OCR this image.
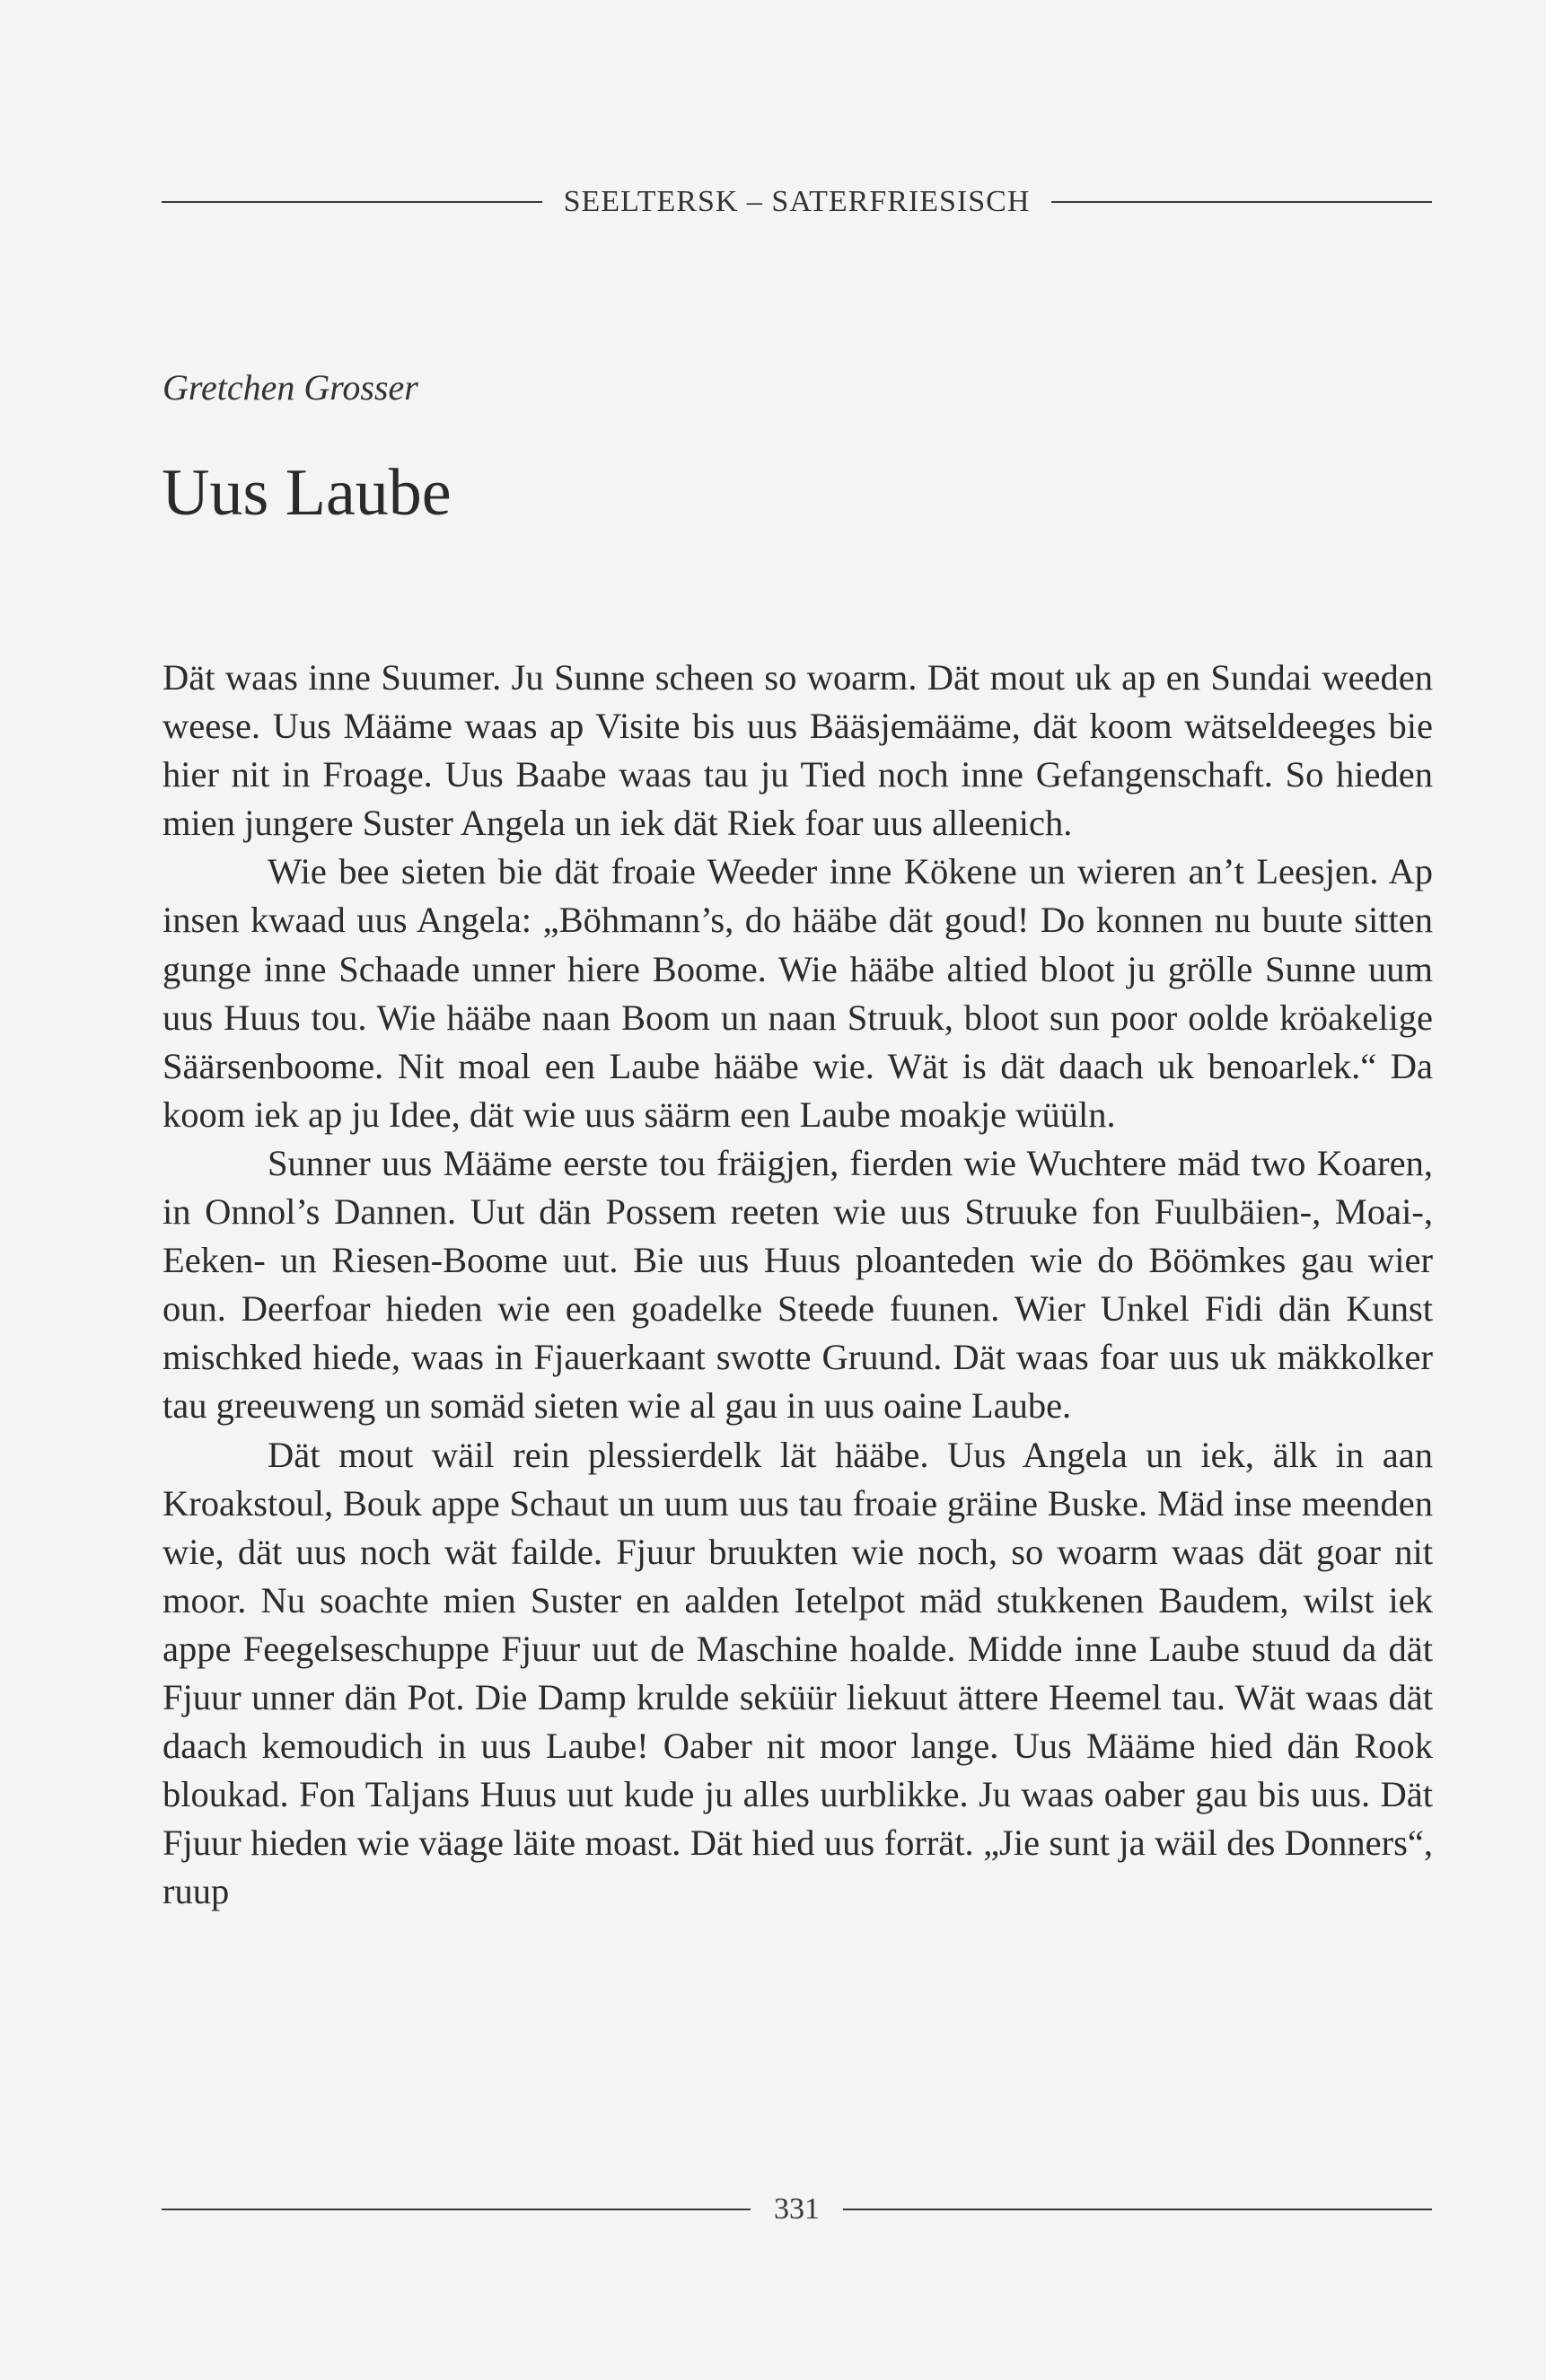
SEELTERSK – SATERFRIESISCH
Gretchen Grosser
Uus Laube

Dät waas inne Suumer. Ju Sunne scheen so woarm. Dät mout uk ap en Sundai weeden weese. Uus Määme waas ap Visite bis uus Bääsjemääme, dät koom wätseldeeges bie hier nit in Froage. Uus Baabe waas tau ju Tied noch inne Gefangenschaft. So hieden mien jungere Suster Angela un iek dät Riek foar uus alleenich.

Wie bee sieten bie dät froaie Weeder inne Kökene un wieren an’t Leesjen. Ap insen kwaad uus Angela: „Böhmann’s, do hääbe dät goud! Do konnen nu buute sitten gunge inne Schaade unner hiere Boome. Wie hääbe altied bloot ju grölle Sunne uum uus Huus tou. Wie hääbe naan Boom un naan Struuk, bloot sun poor oolde kröakelige Säärsenboome. Nit moal een Laube hääbe wie. Wät is dät daach uk benoarlek.“ Da koom iek ap ju Idee, dät wie uus säärm een Laube moakje wüüln.

Sunner uus Määme eerste tou fräigjen, fierden wie Wuchtere mäd two Koaren, in Onnol’s Dannen. Uut dän Possem reeten wie uus Struuke fon Fuulbäien-, Moai-, Eeken- un Riesen-Boome uut. Bie uus Huus ploanteden wie do Böömkes gau wier oun. Deerfoar hieden wie een goadelke Steede fuunen. Wier Unkel Fidi dän Kunst mischked hiede, waas in Fjauerkaant swotte Gruund. Dät waas foar uus uk mäkkolker tau greeuweng un somäd sieten wie al gau in uus oaine Laube.

Dät mout wäil rein plessierdelk lät hääbe. Uus Angela un iek, älk in aan Kroakstoul, Bouk appe Schaut un uum uus tau froaie gräine Buske. Mäd inse meenden wie, dät uus noch wät failde. Fjuur bruukten wie noch, so woarm waas dät goar nit moor. Nu soachte mien Suster en aalden Ietelpot mäd stukkenen Baudem, wilst iek appe Feegelseschuppe Fjuur uut de Maschine hoalde. Midde inne Laube stuud da dät Fjuur unner dän Pot. Die Damp krulde seküür liekuut ättere Heemel tau. Wät waas dät daach kemoudich in uus Laube! Oaber nit moor lange. Uus Määme hied dän Rook bloukad. Fon Taljans Huus uut kude ju alles uurblikke. Ju waas oaber gau bis uus. Dät Fjuur hieden wie väage läite moast. Dät hied uus forrät. „Jie sunt ja wäil des Donners“, ruup

331
